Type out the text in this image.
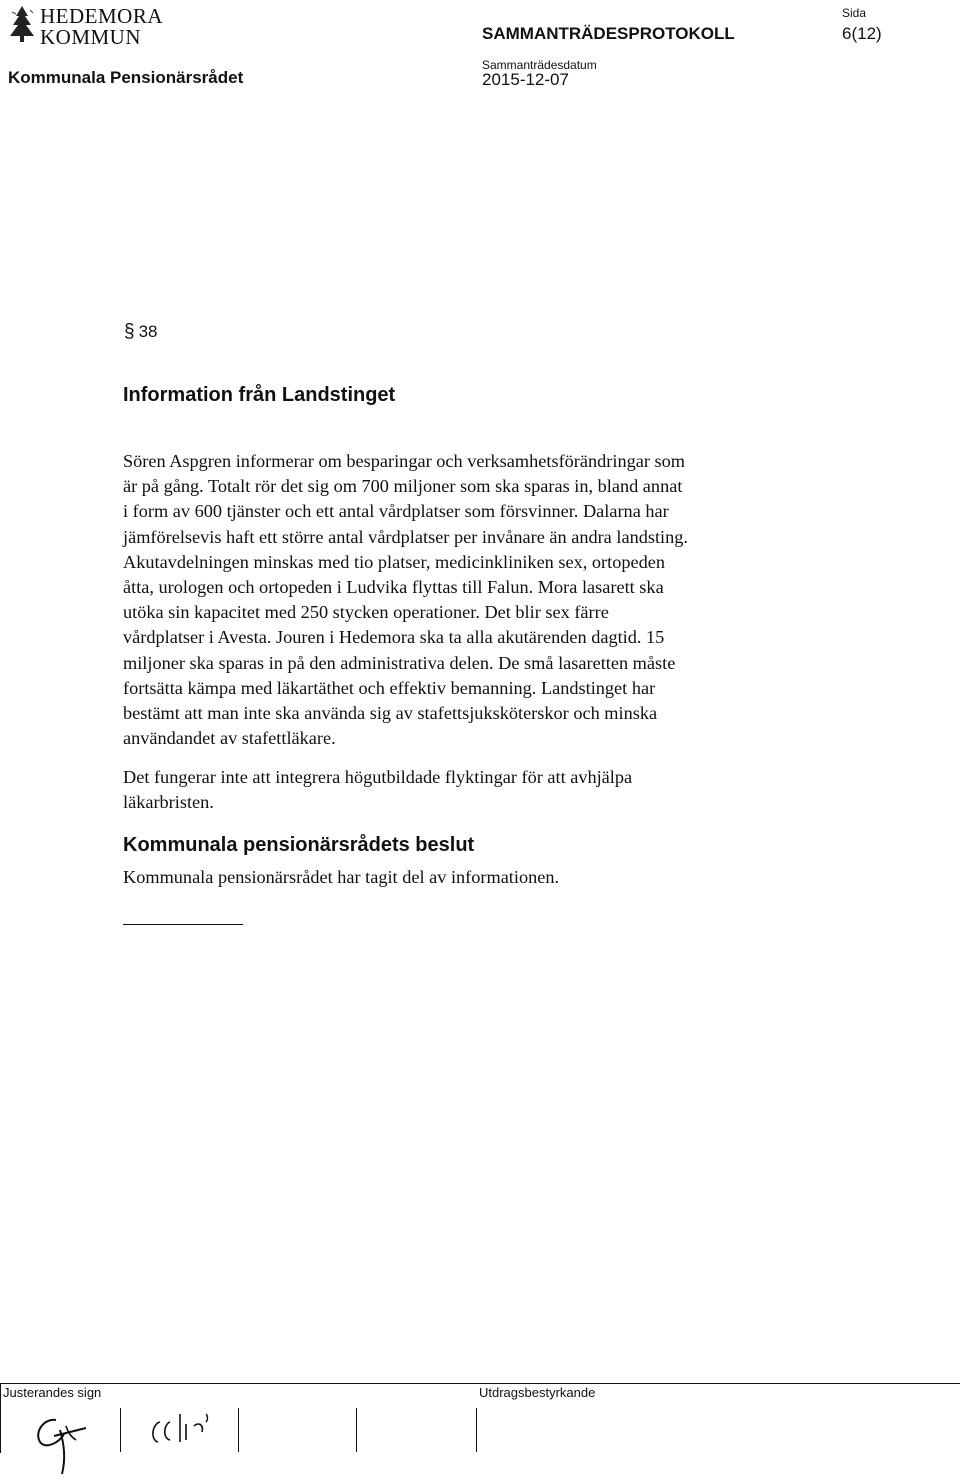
HEDEMORA
KOMMUN
Kommunala Pensionärsrådet
SAMMANTRÄDESPROTOKOLL
Sammanträdesdatum
2015-12-07
Sida
6(12)
§ 38
Information från Landstinget
Sören Aspgren informerar om besparingar och verksamhetsförändringar som
är på gång. Totalt rör det sig om 700 miljoner som ska sparas in, bland annat
i form av 600 tjänster och ett antal vårdplatser som försvinner. Dalarna har
jämförelsevis haft ett större antal vårdplatser per invånare än andra landsting.
Akutavdelningen minskas med tio platser, medicinkliniken sex, ortopeden
åtta, urologen och ortopeden i Ludvika flyttas till Falun. Mora lasarett ska
utöka sin kapacitet med 250 stycken operationer. Det blir sex färre
vårdplatser i Avesta. Jouren i Hedemora ska ta alla akutärenden dagtid. 15
miljoner ska sparas in på den administrativa delen. De små lasaretten måste
fortsätta kämpa med läkartäthet och effektiv bemanning. Landstinget har
bestämt att man inte ska använda sig av stafettsjuksköterskor och minska
användandet av stafettläkare.
Det fungerar inte att integrera högutbildade flyktingar för att avhjälpa
läkarbristen.
Kommunala pensionärsrådets beslut
Kommunala pensionärsrådet har tagit del av informationen.
Justerandes sign	Utdragsbestyrkande
